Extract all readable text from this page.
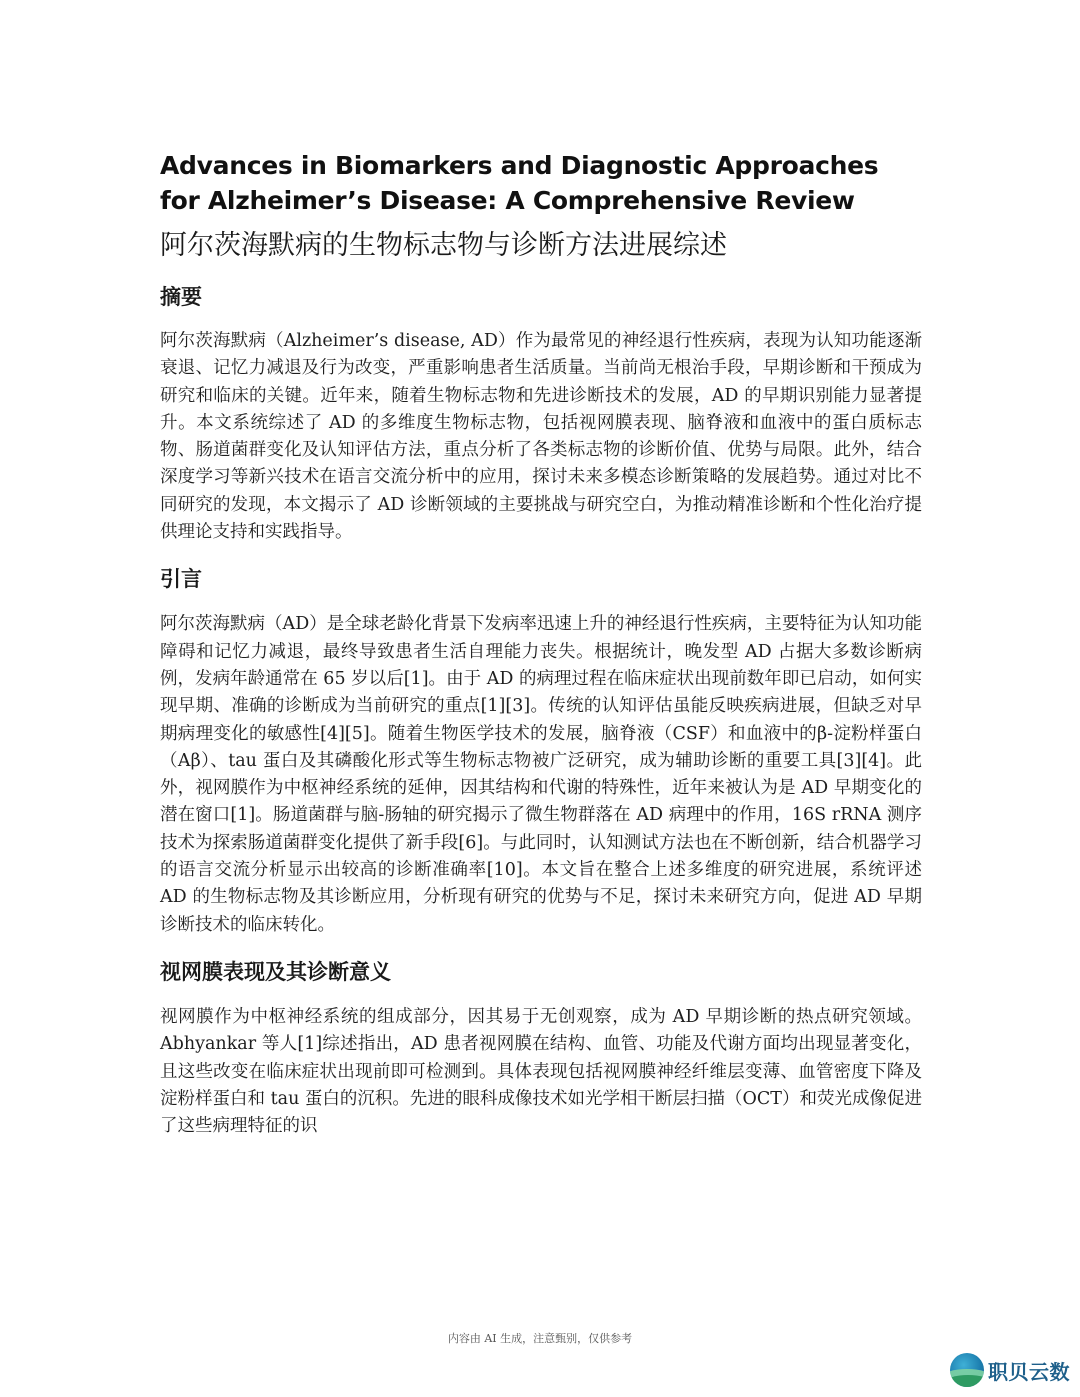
Advances in Biomarkers and Diagnostic Approaches for Alzheimer’s Disease: A Comprehensive Review
阿尔茨海默病的生物标志物与诊断方法进展综述
摘要

阿尔茨海默病（Alzheimer’s disease, AD）作为最常见的神经退行性疾病，表现为认知功能逐渐衰退、记忆力减退及行为改变，严重影响患者生活质量。当前尚无根治手段，早期诊断和干预成为研究和临床的关键。近年来，随着生物标志物和先进诊断技术的发展，AD 的早期识别能力显著提升。本文系统综述了 AD 的多维度生物标志物，包括视网膜表现、脑脊液和血液中的蛋白质标志物、肠道菌群变化及认知评估方法，重点分析了各类标志物的诊断价值、优势与局限。此外，结合深度学习等新兴技术在语言交流分析中的应用，探讨未来多模态诊断策略的发展趋势。通过对比不同研究的发现，本文揭示了 AD 诊断领域的主要挑战与研究空白，为推动精准诊断和个性化治疗提供理论支持和实践指导。

引言

阿尔茨海默病（AD）是全球老龄化背景下发病率迅速上升的神经退行性疾病，主要特征为认知功能障碍和记忆力减退，最终导致患者生活自理能力丧失。根据统计，晚发型 AD 占据大多数诊断病例，发病年龄通常在 65 岁以后[1]。由于 AD 的病理过程在临床症状出现前数年即已启动，如何实现早期、准确的诊断成为当前研究的重点[1][3]。传统的认知评估虽能反映疾病进展，但缺乏对早期病理变化的敏感性[4][5]。随着生物医学技术的发展，脑脊液（CSF）和血液中的β-淀粉样蛋白（Aβ）、tau 蛋白及其磷酸化形式等生物标志物被广泛研究，成为辅助诊断的重要工具[3][4]。此外，视网膜作为中枢神经系统的延伸，因其结构和代谢的特殊性，近年来被认为是 AD 早期变化的潜在窗口[1]。肠道菌群与脑-肠轴的研究揭示了微生物群落在 AD 病理中的作用，16S rRNA 测序技术为探索肠道菌群变化提供了新手段[6]。与此同时，认知测试方法也在不断创新，结合机器学习的语言交流分析显示出较高的诊断准确率[10]。本文旨在整合上述多维度的研究进展，系统评述 AD 的生物标志物及其诊断应用，分析现有研究的优势与不足，探讨未来研究方向，促进 AD 早期诊断技术的临床转化。

视网膜表现及其诊断意义

视网膜作为中枢神经系统的组成部分，因其易于无创观察，成为 AD 早期诊断的热点研究领域。Abhyankar 等人[1]综述指出，AD 患者视网膜在结构、血管、功能及代谢方面均出现显著变化，且这些改变在临床症状出现前即可检测到。具体表现包括视网膜神经纤维层变薄、血管密度下降及淀粉样蛋白和 tau 蛋白的沉积。先进的眼科成像技术如光学相干断层扫描（OCT）和荧光成像促进了这些病理特征的识

内容由 AI 生成，注意甄别，仅供参考
职贝云数
